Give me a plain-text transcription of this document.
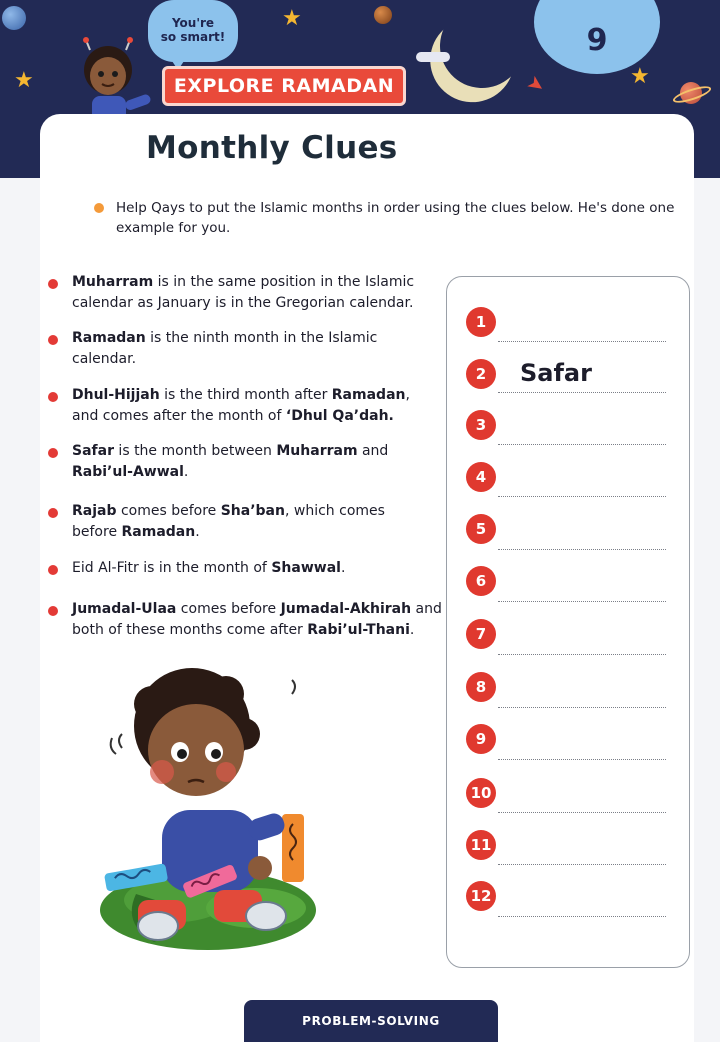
★
★	★
➤
9
You're
so smart!
EXPLORE RAMADAN
Monthly Clues
Help Qays to put the Islamic months in order using the clues below. He's done one example for you.
Muharram is in the same position in the Islamic calendar as January is in the Gregorian calendar.
Ramadan is the ninth month in the Islamic calendar.
Dhul-Hijjah is the third month after Ramadan, and comes after the month of ‘Dhul Qa’dah.
Safar is the month between Muharram and Rabi’ul-Awwal.
Rajab comes before Sha’ban, which comes before Ramadan.
Eid Al-Fitr is in the month of Shawwal.
Jumadal-Ulaa comes before Jumadal-Akhirah and both of these months come after Rabi’ul-Thani.
1
2	Safar
3
4
5
6
7
8
9
10
11
12
PROBLEM-SOLVING
